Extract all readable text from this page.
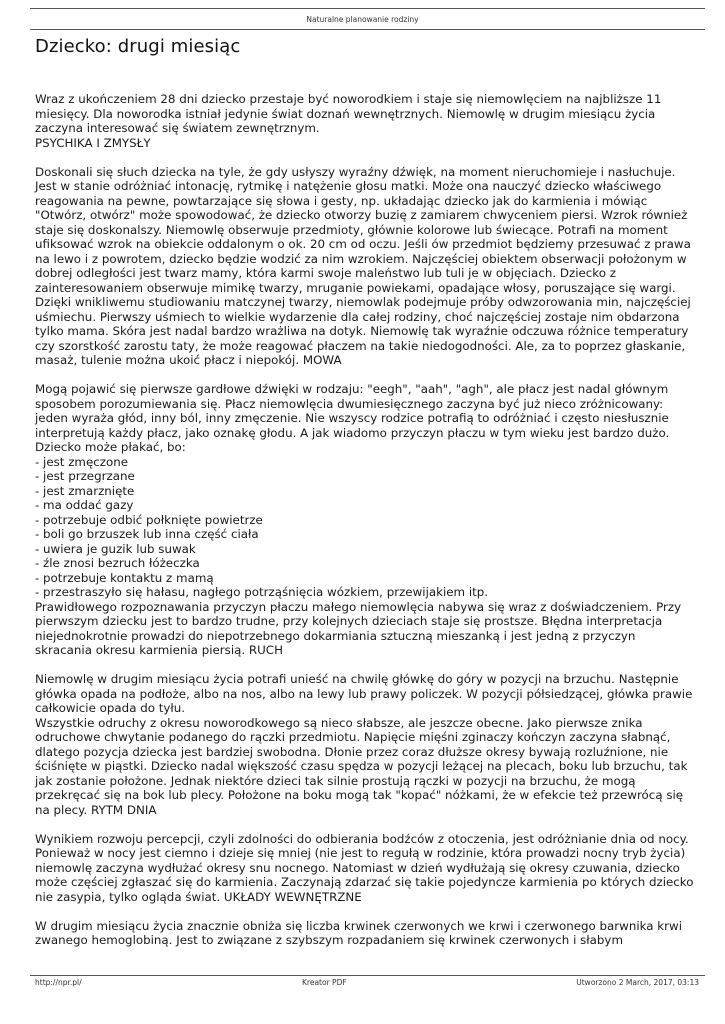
Naturalne planowanie rodziny
Dziecko: drugi miesiąc

Wraz z ukończeniem 28 dni dziecko przestaje być noworodkiem i staje się niemowlęciem na najbliższe 11 miesięcy. Dla noworodka istniał jedynie świat doznań wewnętrznych. Niemowlę w drugim miesiącu życia zaczyna interesować się światem zewnętrznym.

PSYCHIKA I ZMYSŁY

Doskonali się słuch dziecka na tyle, że gdy usłyszy wyraźny dźwięk, na moment nieruchomieje i nasłuchuje. Jest w stanie odróżniać intonację, rytmikę i natężenie głosu matki. Może ona nauczyć dziecko właściwego reagowania na pewne, powtarzające się słowa i gesty, np. układając dziecko jak do karmienia i mówiąc "Otwórz, otwórz" może spowodować, że dziecko otworzy buzię z zamiarem chwyceniem piersi. Wzrok również staje się doskonalszy. Niemowlę obserwuje przedmioty, głównie kolorowe lub świecące. Potrafi na moment ufiksować wzrok na obiekcie oddalonym o ok. 20 cm od oczu. Jeśli ów przedmiot będziemy przesuwać z prawa na lewo i z powrotem, dziecko będzie wodzić za nim wzrokiem. Najczęściej obiektem obserwacji położonym w dobrej odległości jest twarz mamy, która karmi swoje maleństwo lub tuli je w objęciach. Dziecko z zainteresowaniem obserwuje mimikę twarzy, mruganie powiekami, opadające włosy, poruszające się wargi. Dzięki wnikliwemu studiowaniu matczynej twarzy, niemowlak podejmuje próby odwzorowania min, najczęściej uśmiechu. Pierwszy uśmiech to wielkie wydarzenie dla całej rodziny, choć najczęściej zostaje nim obdarzona tylko mama. Skóra jest nadal bardzo wrażliwa na dotyk. Niemowlę tak wyraźnie odczuwa różnice temperatury czy szorstkość zarostu taty, że może reagować płaczem na takie niedogodności. Ale, za to poprzez głaskanie, masaż, tulenie można ukoić płacz i niepokój. MOWA

Mogą pojawić się pierwsze gardłowe dźwięki w rodzaju: "eegh", "aah", "agh", ale płacz jest nadal głównym sposobem porozumiewania się. Płacz niemowlęcia dwumiesięcznego zaczyna być już nieco zróżnicowany: jeden wyraża głód, inny ból, inny zmęczenie. Nie wszyscy rodzice potrafią to odróżniać i często niesłusznie interpretują każdy płacz, jako oznakę głodu. A jak wiadomo przyczyn płaczu w tym wieku jest bardzo dużo. Dziecko może płakać, bo:

- jest zmęczone

- jest przegrzane

- jest zmarznięte

- ma oddać gazy

- potrzebuje odbić połknięte powietrze

- boli go brzuszek lub inna część ciała

- uwiera je guzik lub suwak

- źle znosi bezruch łóżeczka

- potrzebuje kontaktu z mamą

- przestraszyło się hałasu, nagłego potrząśnięcia wózkiem, przewijakiem itp.

Prawidłowego rozpoznawania przyczyn płaczu małego niemowlęcia nabywa się wraz z doświadczeniem. Przy pierwszym dziecku jest to bardzo trudne, przy kolejnych dzieciach staje się prostsze. Błędna interpretacja niejednokrotnie prowadzi do niepotrzebnego dokarmiania sztuczną mieszanką i jest jedną z przyczyn skracania okresu karmienia piersią. RUCH

Niemowlę w drugim miesiącu życia potrafi unieść na chwilę główkę do góry w pozycji na brzuchu. Następnie główka opada na podłoże, albo na nos, albo na lewy lub prawy policzek. W pozycji półsiedzącej, główka prawie całkowicie opada do tyłu.

Wszystkie odruchy z okresu noworodkowego są nieco słabsze, ale jeszcze obecne. Jako pierwsze znika odruchowe chwytanie podanego do rączki przedmiotu. Napięcie mięśni zginaczy kończyn zaczyna słabnąć, dlatego pozycja dziecka jest bardziej swobodna. Dłonie przez coraz dłuższe okresy bywają rozluźnione, nie ściśnięte w piąstki. Dziecko nadal większość czasu spędza w pozycji leżącej na plecach, boku lub brzuchu, tak jak zostanie położone. Jednak niektóre dzieci tak silnie prostują rączki w pozycji na brzuchu, że mogą przekręcać się na bok lub plecy. Położone na boku mogą tak "kopać" nóżkami, że w efekcie też przewrócą się na plecy. RYTM DNIA

Wynikiem rozwoju percepcji, czyli zdolności do odbierania bodźców z otoczenia, jest odróżnianie dnia od nocy. Ponieważ w nocy jest ciemno i dzieje się mniej (nie jest to regułą w rodzinie, która prowadzi nocny tryb życia) niemowlę zaczyna wydłużać okresy snu nocnego. Natomiast w dzień wydłużają się okresy czuwania, dziecko może częściej zgłaszać się do karmienia. Zaczynają zdarzać się takie pojedyncze karmienia po których dziecko nie zasypia, tylko ogląda świat. UKŁADY WEWNĘTRZNE

W drugim miesiącu życia znacznie obniża się liczba krwinek czerwonych we krwi i czerwonego barwnika krwi zwanego hemoglobiną. Jest to związane z szybszym rozpadaniem się krwinek czerwonych i słabym

http://npr.pl/	Kreator PDF	Utworzono 2 March, 2017, 03:13
